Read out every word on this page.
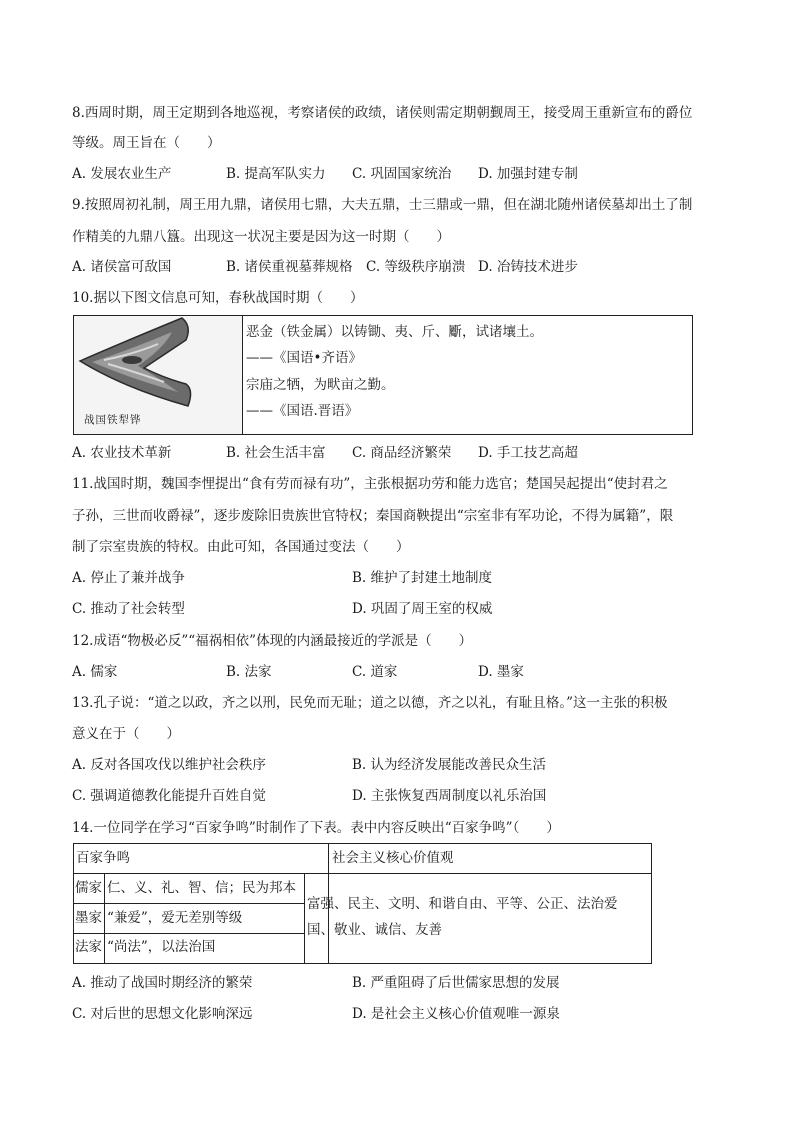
8.西周时期，周王定期到各地巡视，考察诸侯的政绩，诸侯则需定期朝觐周王，接受周王重新宣布的爵位
等级。周王旨在（　　）
A. 发展农业生产	B. 提高军队实力 C. 巩固国家统治 D. 加强封建专制
9.按照周初礼制，周王用九鼎，诸侯用七鼎，大夫五鼎，士三鼎或一鼎，但在湖北随州诸侯墓却出土了制
作精美的九鼎八簋。出现这一状况主要是因为这一时期（　　）
A. 诸侯富可敌国	B. 诸侯重视墓葬规格 C. 等级秩序崩溃 D. 冶铸技术进步
10.据以下图文信息可知，春秋战国时期（　　）
战国铁犁铧
恶金（铁金属）以铸锄、夷、斤、斸，试诸壤土。
——《国语•齐语》
宗庙之牺，为畎亩之勤。
——《国语.晋语》
A. 农业技术革新	B. 社会生活丰富 C. 商品经济繁荣 D. 手工技艺高超
11.战国时期，魏国李悝提出“食有劳而禄有功”，主张根据功劳和能力选官；楚国吴起提出“使封君之
子孙，三世而收爵禄”，逐步废除旧贵族世官特权；秦国商鞅提出“宗室非有军功论，不得为属籍”，限
制了宗室贵族的特权。由此可知，各国通过变法（　　）
A. 停止了兼并战争	B. 维护了封建土地制度
C. 推动了社会转型	D. 巩固了周王室的权威
12.成语“物极必反”“福祸相依”体现的内涵最接近的学派是（　　）
A. 儒家	B. 法家	C. 道家	D. 墨家
13.孔子说：“道之以政，齐之以刑，民免而无耻；道之以德，齐之以礼，有耻且格。”这一主张的积极
意义在于（　　）
A. 反对各国攻伐以维护社会秩序	B. 认为经济发展能改善民众生活
C. 强调道德教化能提升百姓自觉	D. 主张恢复西周制度以礼乐治国
14.一位同学在学习“百家争鸣”时制作了下表。表中内容反映出“百家争鸣”（　　）
百家争鸣	社会主义核心价值观
儒家 仁、义、礼、智、信；民为邦本
墨家 “兼爱”，爱无差别等级
法家 “尚法”，以法治国
富强、民主、文明、和谐自由、平等、公正、法治爱
国、敬业、诚信、友善
A. 推动了战国时期经济的繁荣	B. 严重阻碍了后世儒家思想的发展
C. 对后世的思想文化影响深远	D. 是社会主义核心价值观唯一源泉
